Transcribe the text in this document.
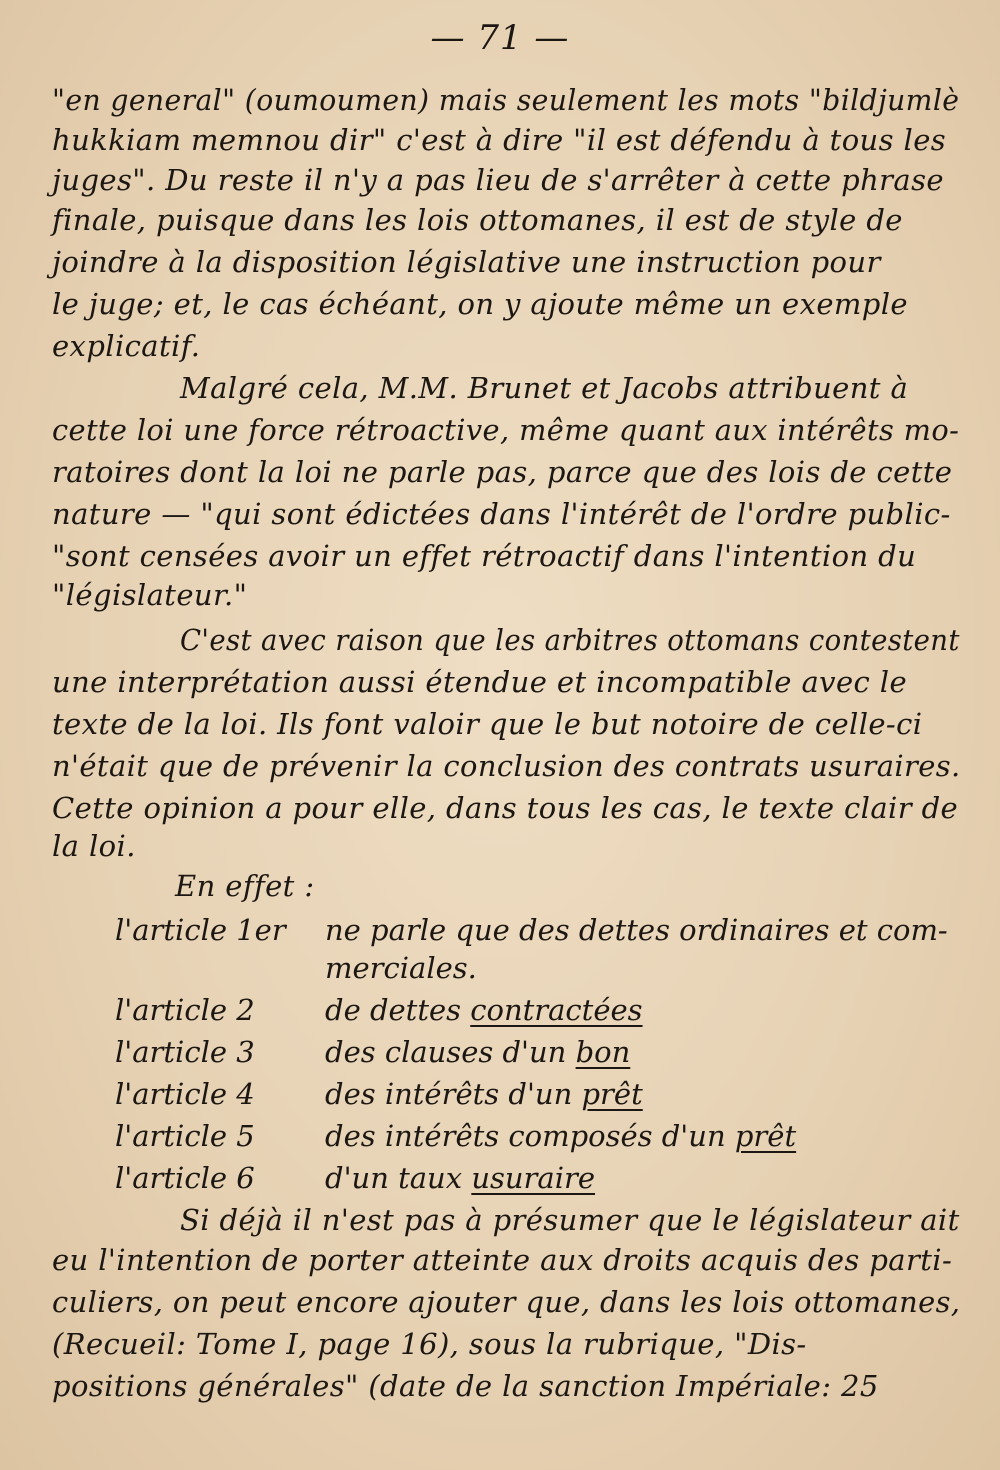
— 71 —
"en general" (oumoumen) mais seulement les mots "bildjumlè
hukkiam memnou dir" c'est à dire "il est défendu à tous les
juges". Du reste il n'y a pas lieu de s'arrêter à cette phrase
finale, puisque dans les lois ottomanes, il est de style de
joindre à la disposition législative une instruction pour
le juge; et, le cas échéant, on y ajoute même un exemple
explicatif.
Malgré cela, M.M. Brunet et Jacobs attribuent à
cette loi une force rétroactive, même quant aux intérêts mo-
ratoires dont la loi ne parle pas, parce que des lois de cette
nature — "qui sont édictées dans l'intérêt de l'ordre public-
"sont censées avoir un effet rétroactif dans l'intention du
"législateur."
C'est avec raison que les arbitres ottomans contestent
une interprétation aussi étendue et incompatible avec le
texte de la loi. Ils font valoir que le but notoire de celle-ci
n'était que de prévenir la conclusion des contrats usuraires.
Cette opinion a pour elle, dans tous les cas, le texte clair de
la loi.
En effet :
l'article 1er ne parle que des dettes ordinaires et com-
merciales.
l'article 2 de dettes contractées
l'article 3 des clauses d'un bon
l'article 4 des intérêts d'un prêt
l'article 5 des intérêts composés d'un prêt
l'article 6 d'un taux usuraire
Si déjà il n'est pas à présumer que le législateur ait
eu l'intention de porter atteinte aux droits acquis des parti-
culiers, on peut encore ajouter que, dans les lois ottomanes,
(Recueil: Tome I, page 16), sous la rubrique, "Dis-
positions générales" (date de la sanction Impériale: 25
